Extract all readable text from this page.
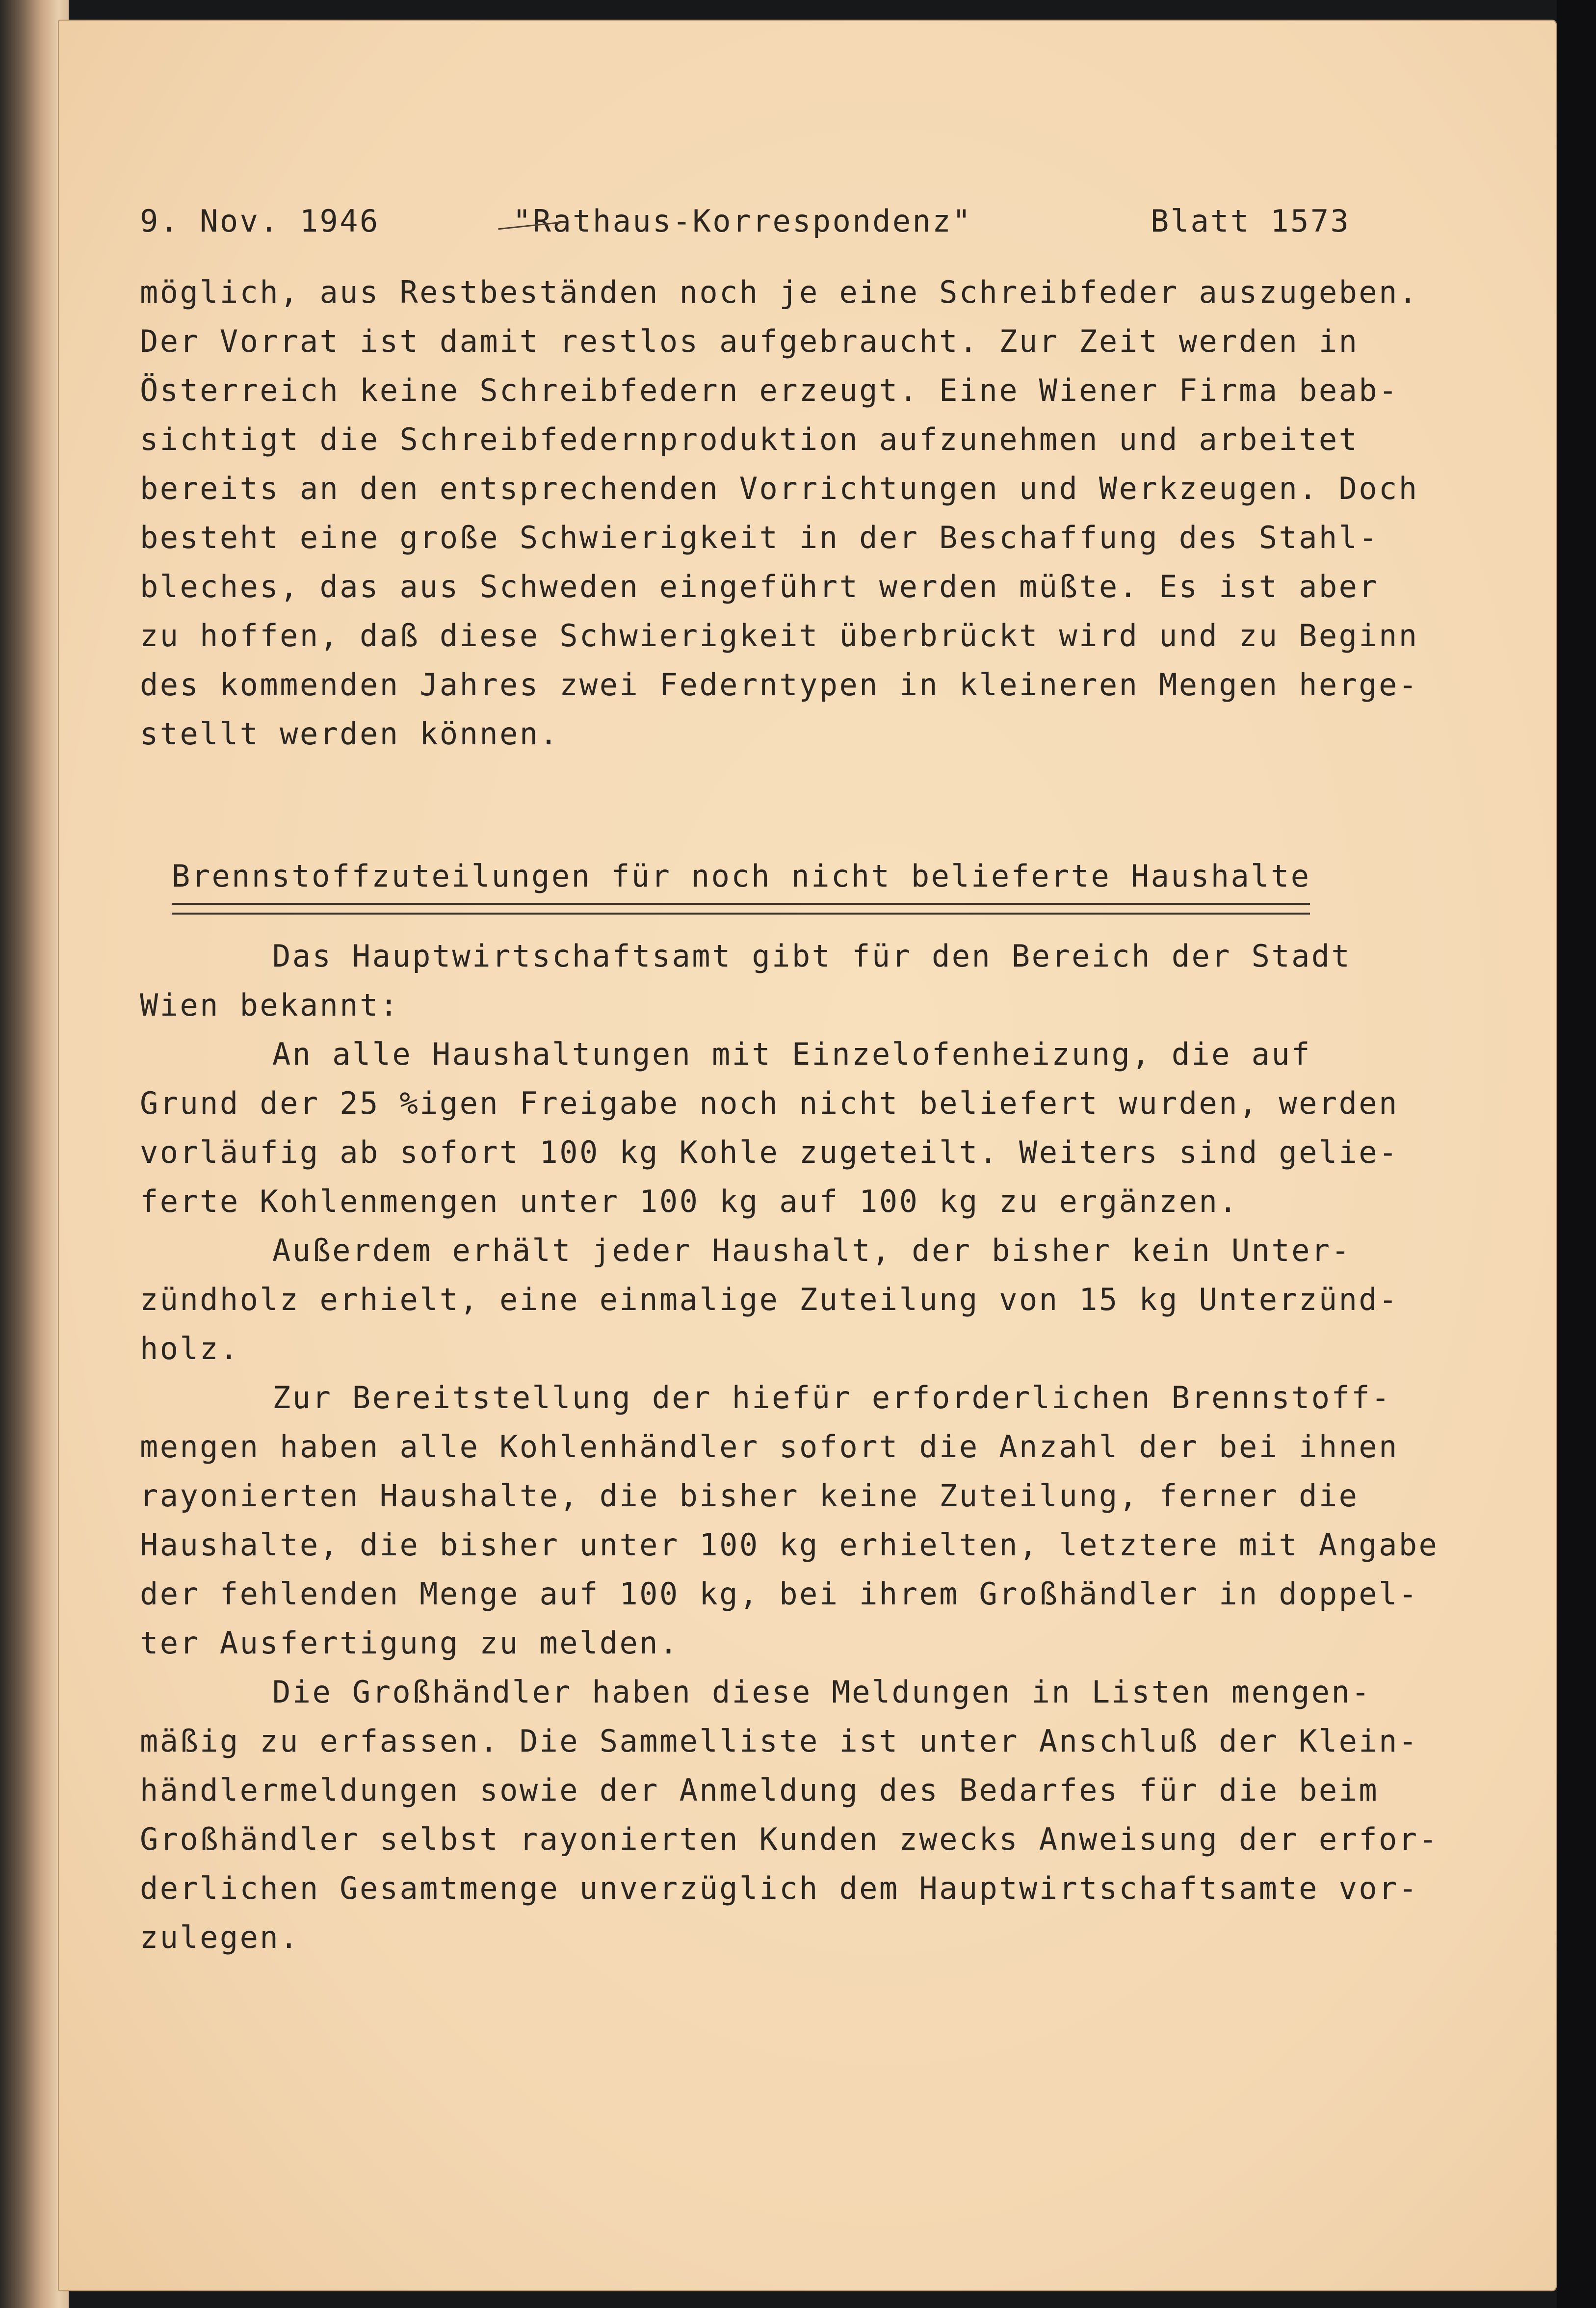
9. Nov. 1946	"Rathaus-Korrespondenz"	Blatt 1573
möglich, aus Restbeständen noch je eine Schreibfeder auszugeben.
Der Vorrat ist damit restlos aufgebraucht. Zur Zeit werden in
Österreich keine Schreibfedern erzeugt. Eine Wiener Firma beab-
sichtigt die Schreibfedernproduktion aufzunehmen und arbeitet
bereits an den entsprechenden Vorrichtungen und Werkzeugen. Doch
besteht eine große Schwierigkeit in der Beschaffung des Stahl-
bleches, das aus Schweden eingeführt werden müßte. Es ist aber
zu hoffen, daß diese Schwierigkeit überbrückt wird und zu Beginn
des kommenden Jahres zwei Federntypen in kleineren Mengen herge-
stellt werden können.
Brennstoffzuteilungen für noch nicht belieferte Haushalte
Das Hauptwirtschaftsamt gibt für den Bereich der Stadt
Wien bekannt:
An alle Haushaltungen mit Einzelofenheizung, die auf
Grund der 25 %igen Freigabe noch nicht beliefert wurden, werden
vorläufig ab sofort 100 kg Kohle zugeteilt. Weiters sind gelie-
ferte Kohlenmengen unter 100 kg auf 100 kg zu ergänzen.
Außerdem erhält jeder Haushalt, der bisher kein Unter-
zündholz erhielt, eine einmalige Zuteilung von 15 kg Unterzünd-
holz.
Zur Bereitstellung der hiefür erforderlichen Brennstoff-
mengen haben alle Kohlenhändler sofort die Anzahl der bei ihnen
rayonierten Haushalte, die bisher keine Zuteilung, ferner die
Haushalte, die bisher unter 100 kg erhielten, letztere mit Angabe
der fehlenden Menge auf 100 kg, bei ihrem Großhändler in doppel-
ter Ausfertigung zu melden.
Die Großhändler haben diese Meldungen in Listen mengen-
mäßig zu erfassen. Die Sammelliste ist unter Anschluß der Klein-
händlermeldungen sowie der Anmeldung des Bedarfes für die beim
Großhändler selbst rayonierten Kunden zwecks Anweisung der erfor-
derlichen Gesamtmenge unverzüglich dem Hauptwirtschaftsamte vor-
zulegen.
